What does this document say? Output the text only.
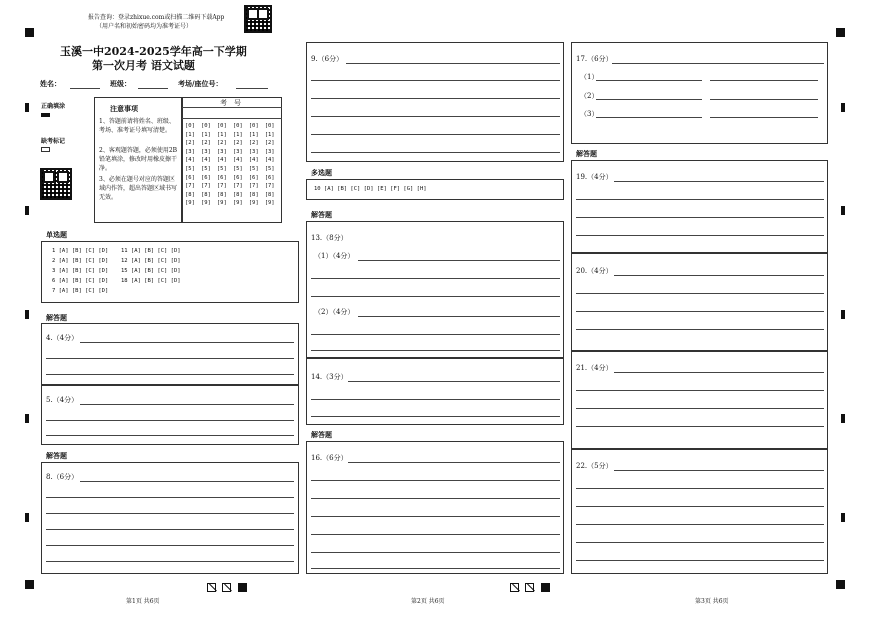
报告查询：登录zhixue.com或扫描二维码下载App
（用户名和初始密码均为准考证号）
玉溪一中2024-2025学年高一下学期
第一次月考 语文试题
姓名：	班级：	考场/座位号：
正确填涂
缺考标记
注意事项
1、答题前请将姓名、班级、考场、准考证号填写清楚。
2、客观题答题，必须使用2B铅笔填涂，修改时用橡皮擦干净。
3、必须在题号对应的答题区域内作答，超出答题区域书写无效。
考　号
[0] [0] [0] [0] [0] [0]
[1] [1] [1] [1] [1] [1]
[2] [2] [2] [2] [2] [2]
[3] [3] [3] [3] [3] [3]
[4] [4] [4] [4] [4] [4]
[5] [5] [5] [5] [5] [5]
[6] [6] [6] [6] [6] [6]
[7] [7] [7] [7] [7] [7]
[8] [8] [8] [8] [8] [8]
[9] [9] [9] [9] [9] [9]
单选题
1 [A] [B] [C] [D]
2 [A] [B] [C] [D]
3 [A] [B] [C] [D]
6 [A] [B] [C] [D]
7 [A] [B] [C] [D]
11 [A] [B] [C] [D]
12 [A] [B] [C] [D]
15 [A] [B] [C] [D]
18 [A] [B] [C] [D]
解答题
4.（4分）
5.（4分）
解答题
8.（6分）
9.（6分）
多选题
10 [A] [B] [C] [D] [E] [F] [G] [H]
解答题
13.（8分）
（1）（4分）
（2）（4分）
14.（3分）
解答题
16.（6分）
17.（6分）
（1）
（2）
（3）
解答题
19.（4分）
20.（4分）
21.（4分）
22.（5分）
第1页 共6页	第2页 共6页	第3页 共6页
